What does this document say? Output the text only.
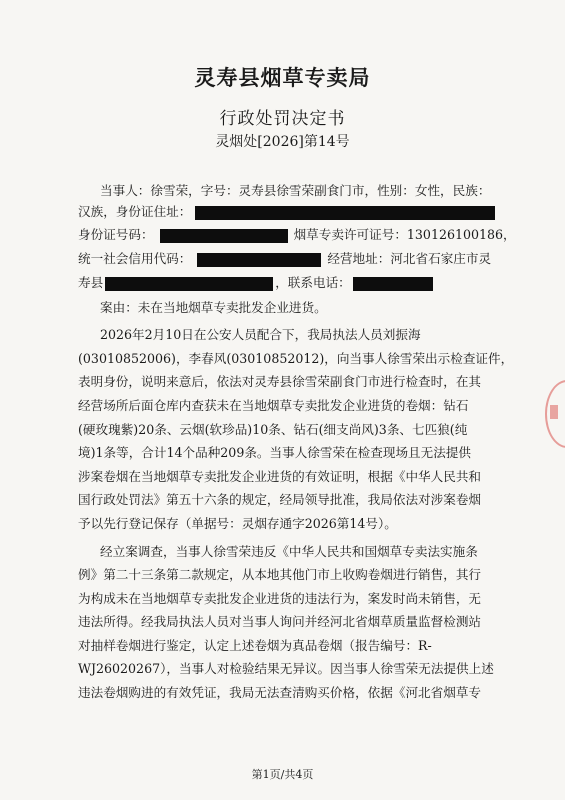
灵寿县烟草专卖局
行政处罚决定书
灵烟处[2026]第14号
当事人：徐雪荣，字号：灵寿县徐雪荣副食门市，性别：女性，民族：
汉族，身份证住址：
身份证号码：	烟草专卖许可证号：130126100186，
统一社会信用代码：	经营地址：河北省石家庄市灵
寿县	，联系电话：
案由：未在当地烟草专卖批发企业进货。
2026年2月10日在公安人员配合下，我局执法人员刘振海
(03010852006)，李春风(03010852012)，向当事人徐雪荣出示检查证件，
表明身份，说明来意后，依法对灵寿县徐雪荣副食门市进行检查时，在其
经营场所后面仓库内查获未在当地烟草专卖批发企业进货的卷烟：钻石
(硬玫瑰紫)20条、云烟(软珍品)10条、钻石(细支尚风)3条、七匹狼(纯
境)1条等，合计14个品种209条。当事人徐雪荣在检查现场且无法提供
涉案卷烟在当地烟草专卖批发企业进货的有效证明，根据《中华人民共和
国行政处罚法》第五十六条的规定，经局领导批准，我局依法对涉案卷烟
予以先行登记保存（单据号：灵烟存通字2026第14号）。
经立案调查，当事人徐雪荣违反《中华人民共和国烟草专卖法实施条
例》第二十三条第二款规定，从本地其他门市上收购卷烟进行销售，其行
为构成未在当地烟草专卖批发企业进货的违法行为，案发时尚未销售，无
违法所得。经我局执法人员对当事人询问并经河北省烟草质量监督检测站
对抽样卷烟进行鉴定，认定上述卷烟为真品卷烟（报告编号：R-
WJ26020267），当事人对检验结果无异议。因当事人徐雪荣无法提供上述
违法卷烟购进的有效凭证，我局无法查清购买价格，依据《河北省烟草专
第1页/共4页
